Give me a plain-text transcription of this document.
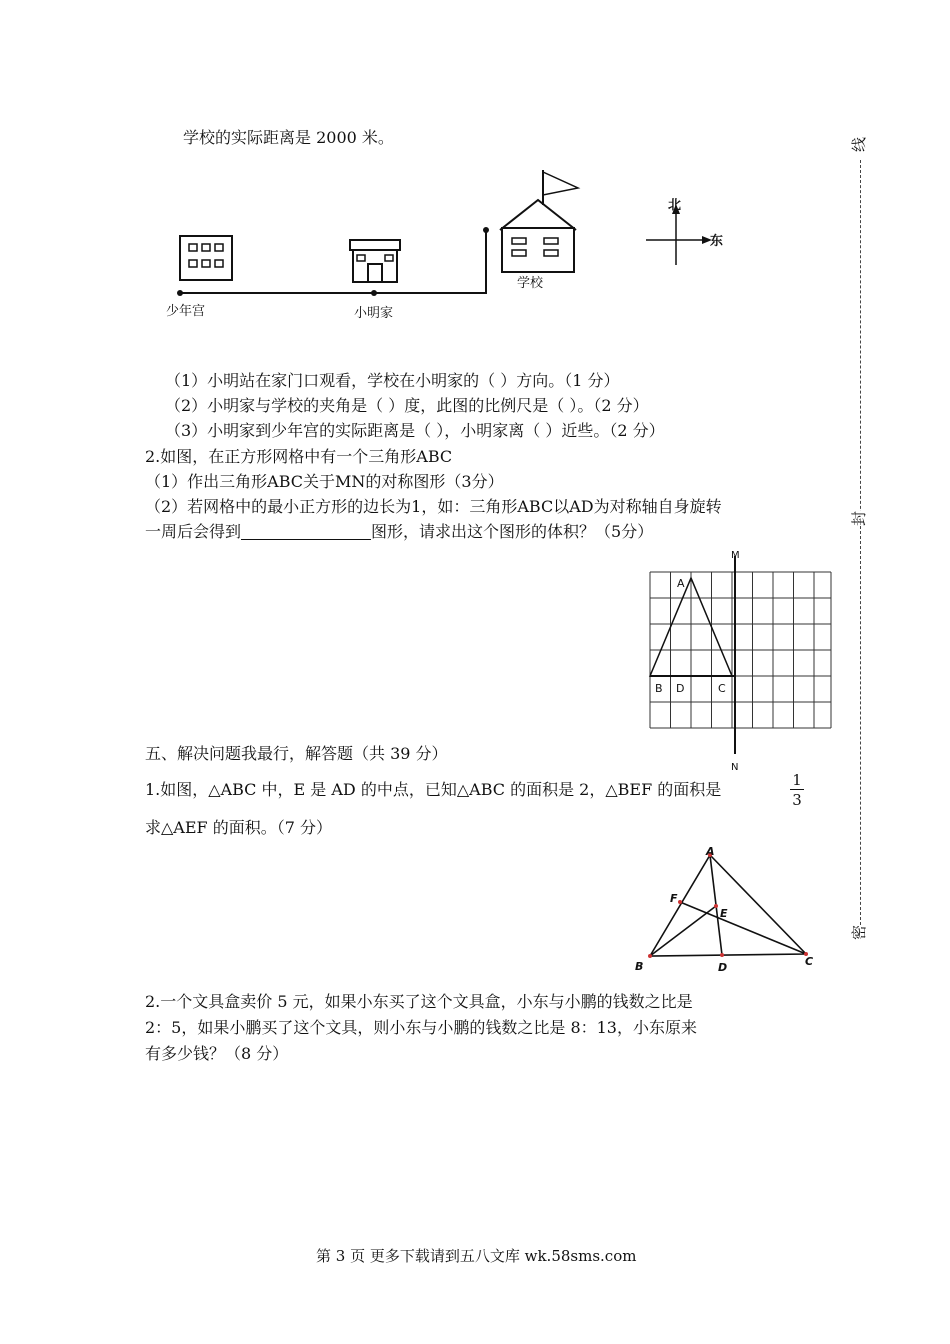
学校的实际距离是 2000 米。
少年宫	小明家
学校
北
东
（1）小明站在家门口观看，学校在小明家的（ ）方向。（1 分）
（2）小明家与学校的夹角是（ ）度，此图的比例尺是（ ）。（2 分）
（3）小明家到少年宫的实际距离是（ ），小明家离（ ）近些。（2 分）
2.如图，在正方形网格中有一个三角形ABC
（1）作出三角形ABC关于MN的对称图形（3分）
（2）若网格中的最小正方形的边长为1，如：三角形ABC以AD为对称轴自身旋转
一周后会得到	图形，请求出这个图形的体积？（5分）
M
A
B D	C
N
五、解决问题我最行，解答题（共 39 分）
1.如图，△ABC 中，E 是 AD 的中点，已知△ABC 的面积是 2，△BEF 的面积是	1
3
求△AEF 的面积。（7 分）
A
F
E
B	D	C
2.一个文具盒卖价 5 元，如果小东买了这个文具盒，小东与小鹏的钱数之比是
2：5，如果小鹏买了这个文具，则小东与小鹏的钱数之比是 8：13，小东原来
有多少钱？（8 分）
线
封
密
第 3 页 更多下载请到五八文库 wk.58sms.com
